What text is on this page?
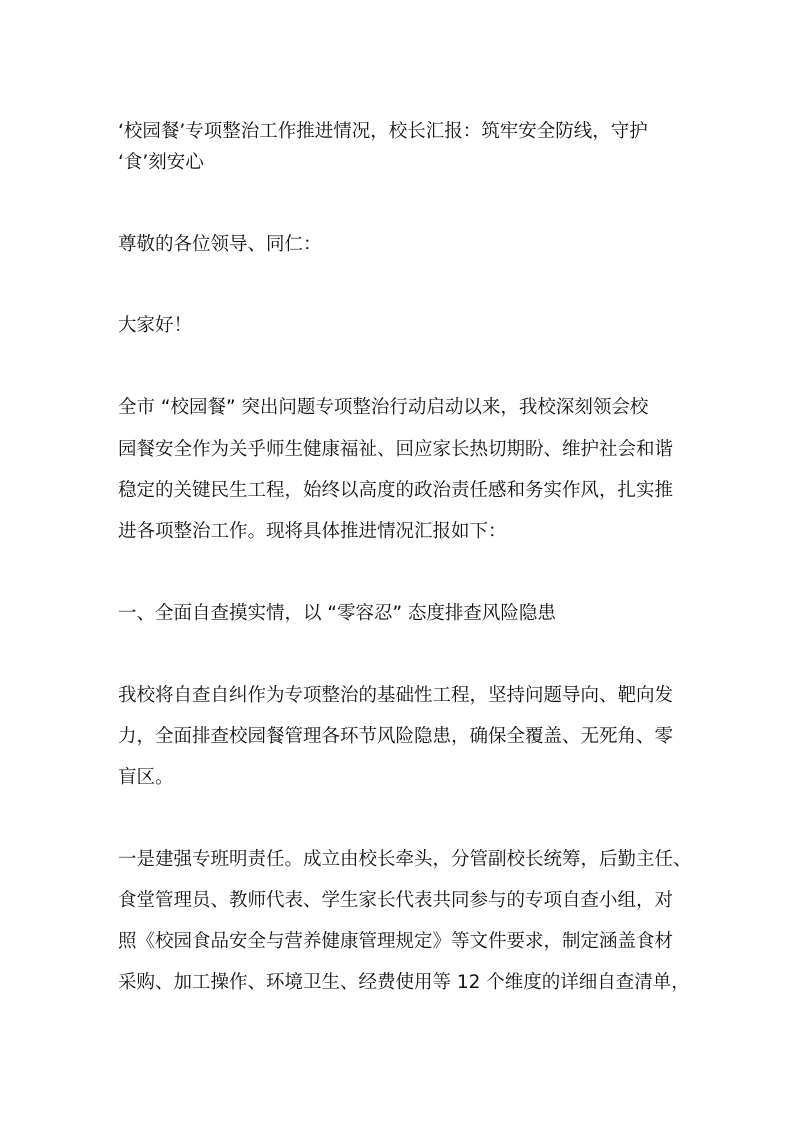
‘校园餐’专项整治工作推进情况，校长汇报：筑牢安全防线，守护
‘食’刻安心
尊敬的各位领导、同仁：
大家好！
全市 “校园餐” 突出问题专项整治行动启动以来，我校深刻领会校
园餐安全作为关乎师生健康福祉、回应家长热切期盼、维护社会和谐
稳定的关键民生工程，始终以高度的政治责任感和务实作风，扎实推
进各项整治工作。现将具体推进情况汇报如下：
一、全面自查摸实情，以 “零容忍” 态度排查风险隐患
我校将自查自纠作为专项整治的基础性工程，坚持问题导向、靶向发
力，全面排查校园餐管理各环节风险隐患，确保全覆盖、无死角、零
盲区。
一是建强专班明责任。成立由校长牵头，分管副校长统筹，后勤主任、
食堂管理员、教师代表、学生家长代表共同参与的专项自查小组，对
照《校园食品安全与营养健康管理规定》等文件要求，制定涵盖食材
采购、加工操作、环境卫生、经费使用等 12 个维度的详细自查清单，
